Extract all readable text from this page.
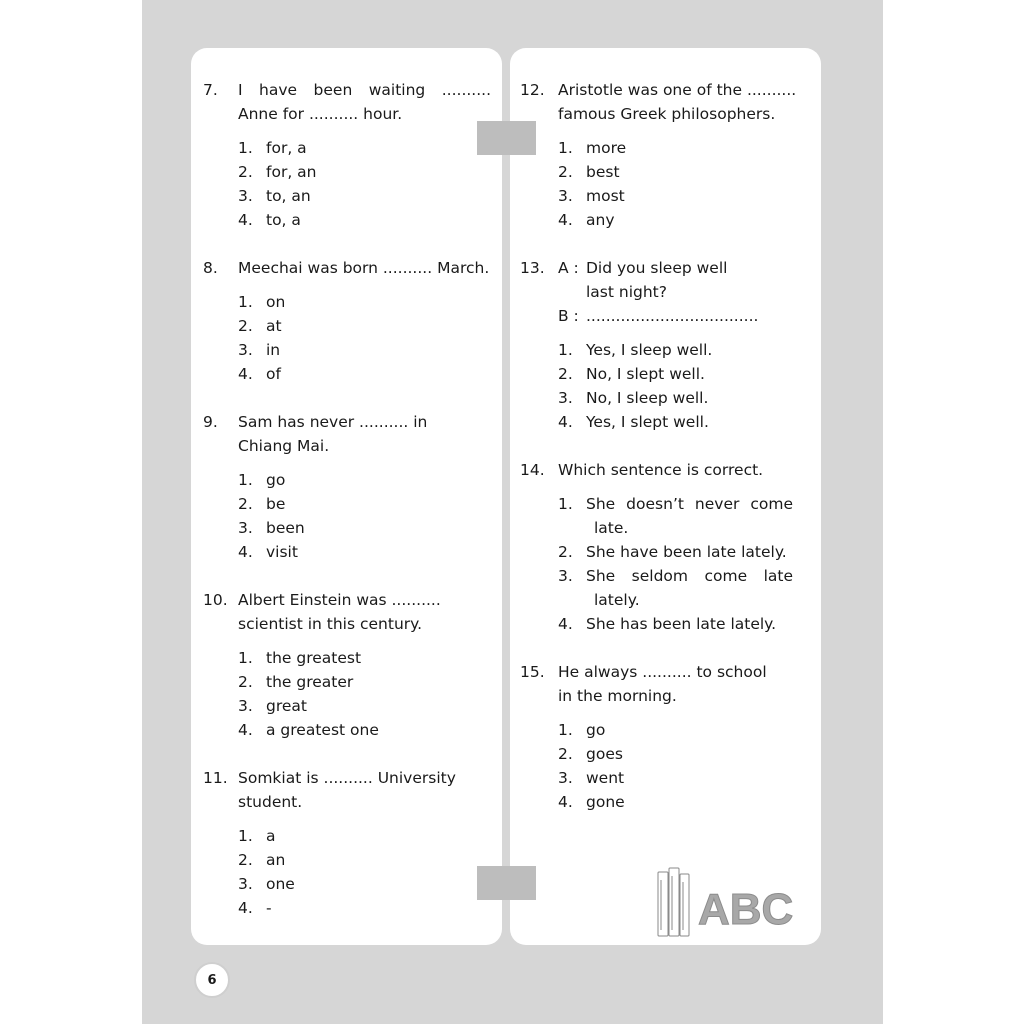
7. I have been waiting ..........
Anne for .......... hour.
1. for, a
2. for, an
3. to, an
4. to, a
8. Meechai was born .......... March.
1. on
2. at
3. in
4. of
9. Sam has never .......... in
Chiang Mai.
1. go
2. be
3. been
4. visit
10. Albert Einstein was ..........
scientist in this century.
1. the greatest
2. the greater
3. great
4. a greatest one
11. Somkiat is .......... University
student.
1. a
2. an
3. one
4. -
12. Aristotle was one of the ..........
famous Greek philosophers.
1. more
2. best
3. most
4. any
13. A : Did you sleep well
last night?
B : ...................................
1. Yes, I sleep well.
2. No, I slept well.
3. No, I sleep well.
4. Yes, I slept well.
14. Which sentence is correct.
1. She doesn’t never come
late.
2. She have been late lately.
3. She seldom come late
lately.
4. She has been late lately.
15. He always .......... to school
in the morning.
1. go
2. goes
3. went
4. gone
6
ABC
